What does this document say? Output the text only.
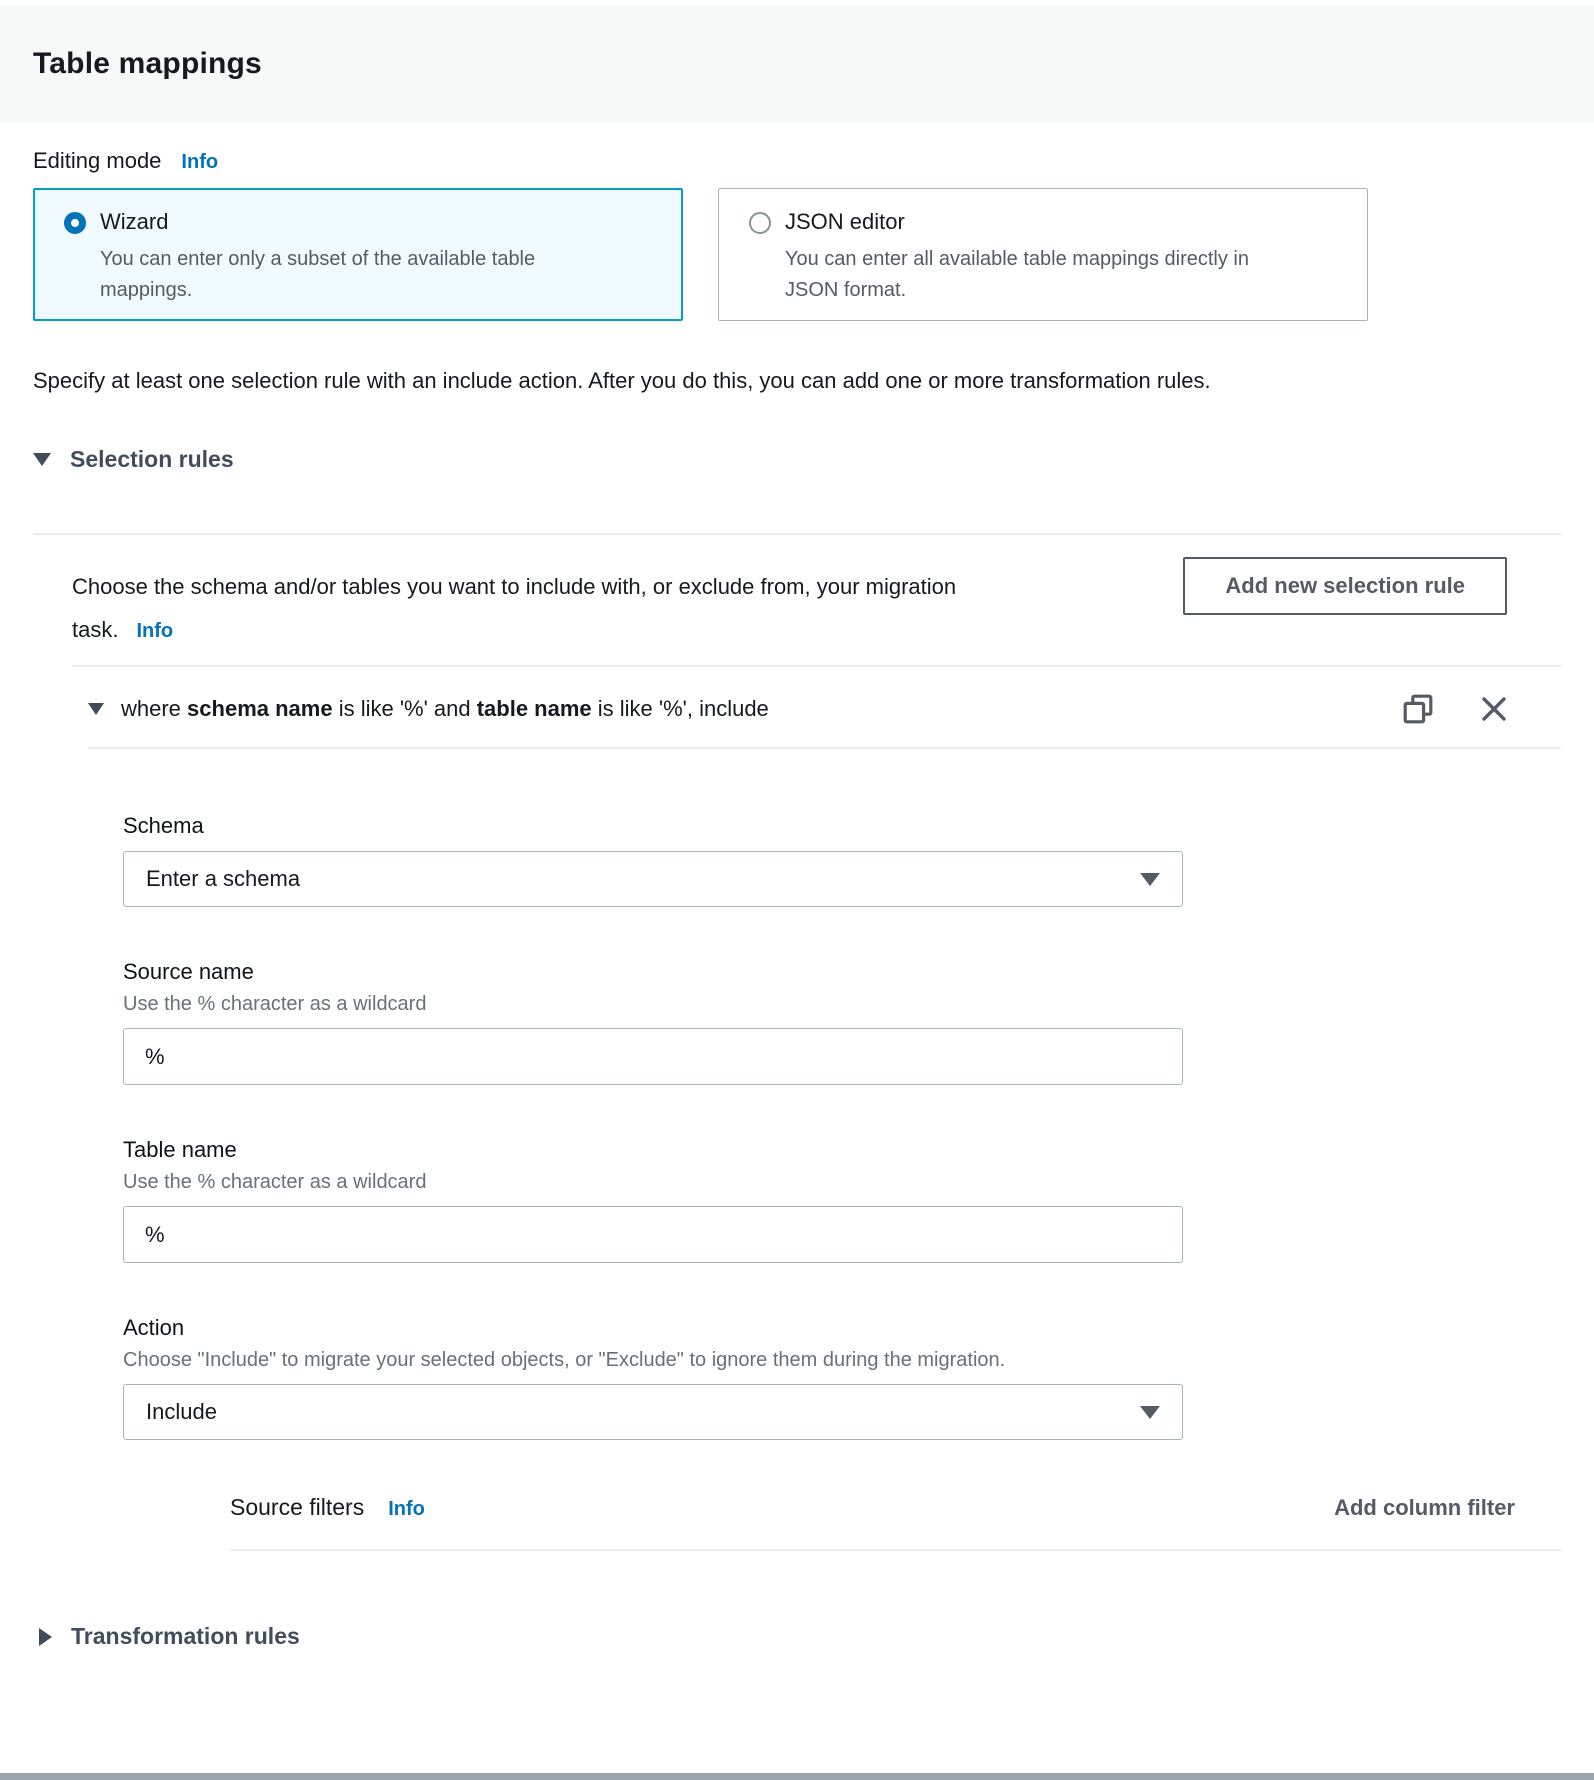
Table mappings
Editing mode Info
Wizard
You can enter only a subset of the available table mappings.
JSON editor
You can enter all available table mappings directly in JSON format.
Specify at least one selection rule with an include action. After you do this, you can add one or more transformation rules.
Selection rules
Choose the schema and/or tables you want to include with, or exclude from, your migration task. Info
Add new selection rule
where schema name is like '%' and table name is like '%', include
Schema
Enter a schema
Source name
Use the % character as a wildcard
%
Table name
Use the % character as a wildcard
%
Action
Choose "Include" to migrate your selected objects, or "Exclude" to ignore them during the migration.
Include
Source filters Info	Add column filter
Transformation rules
